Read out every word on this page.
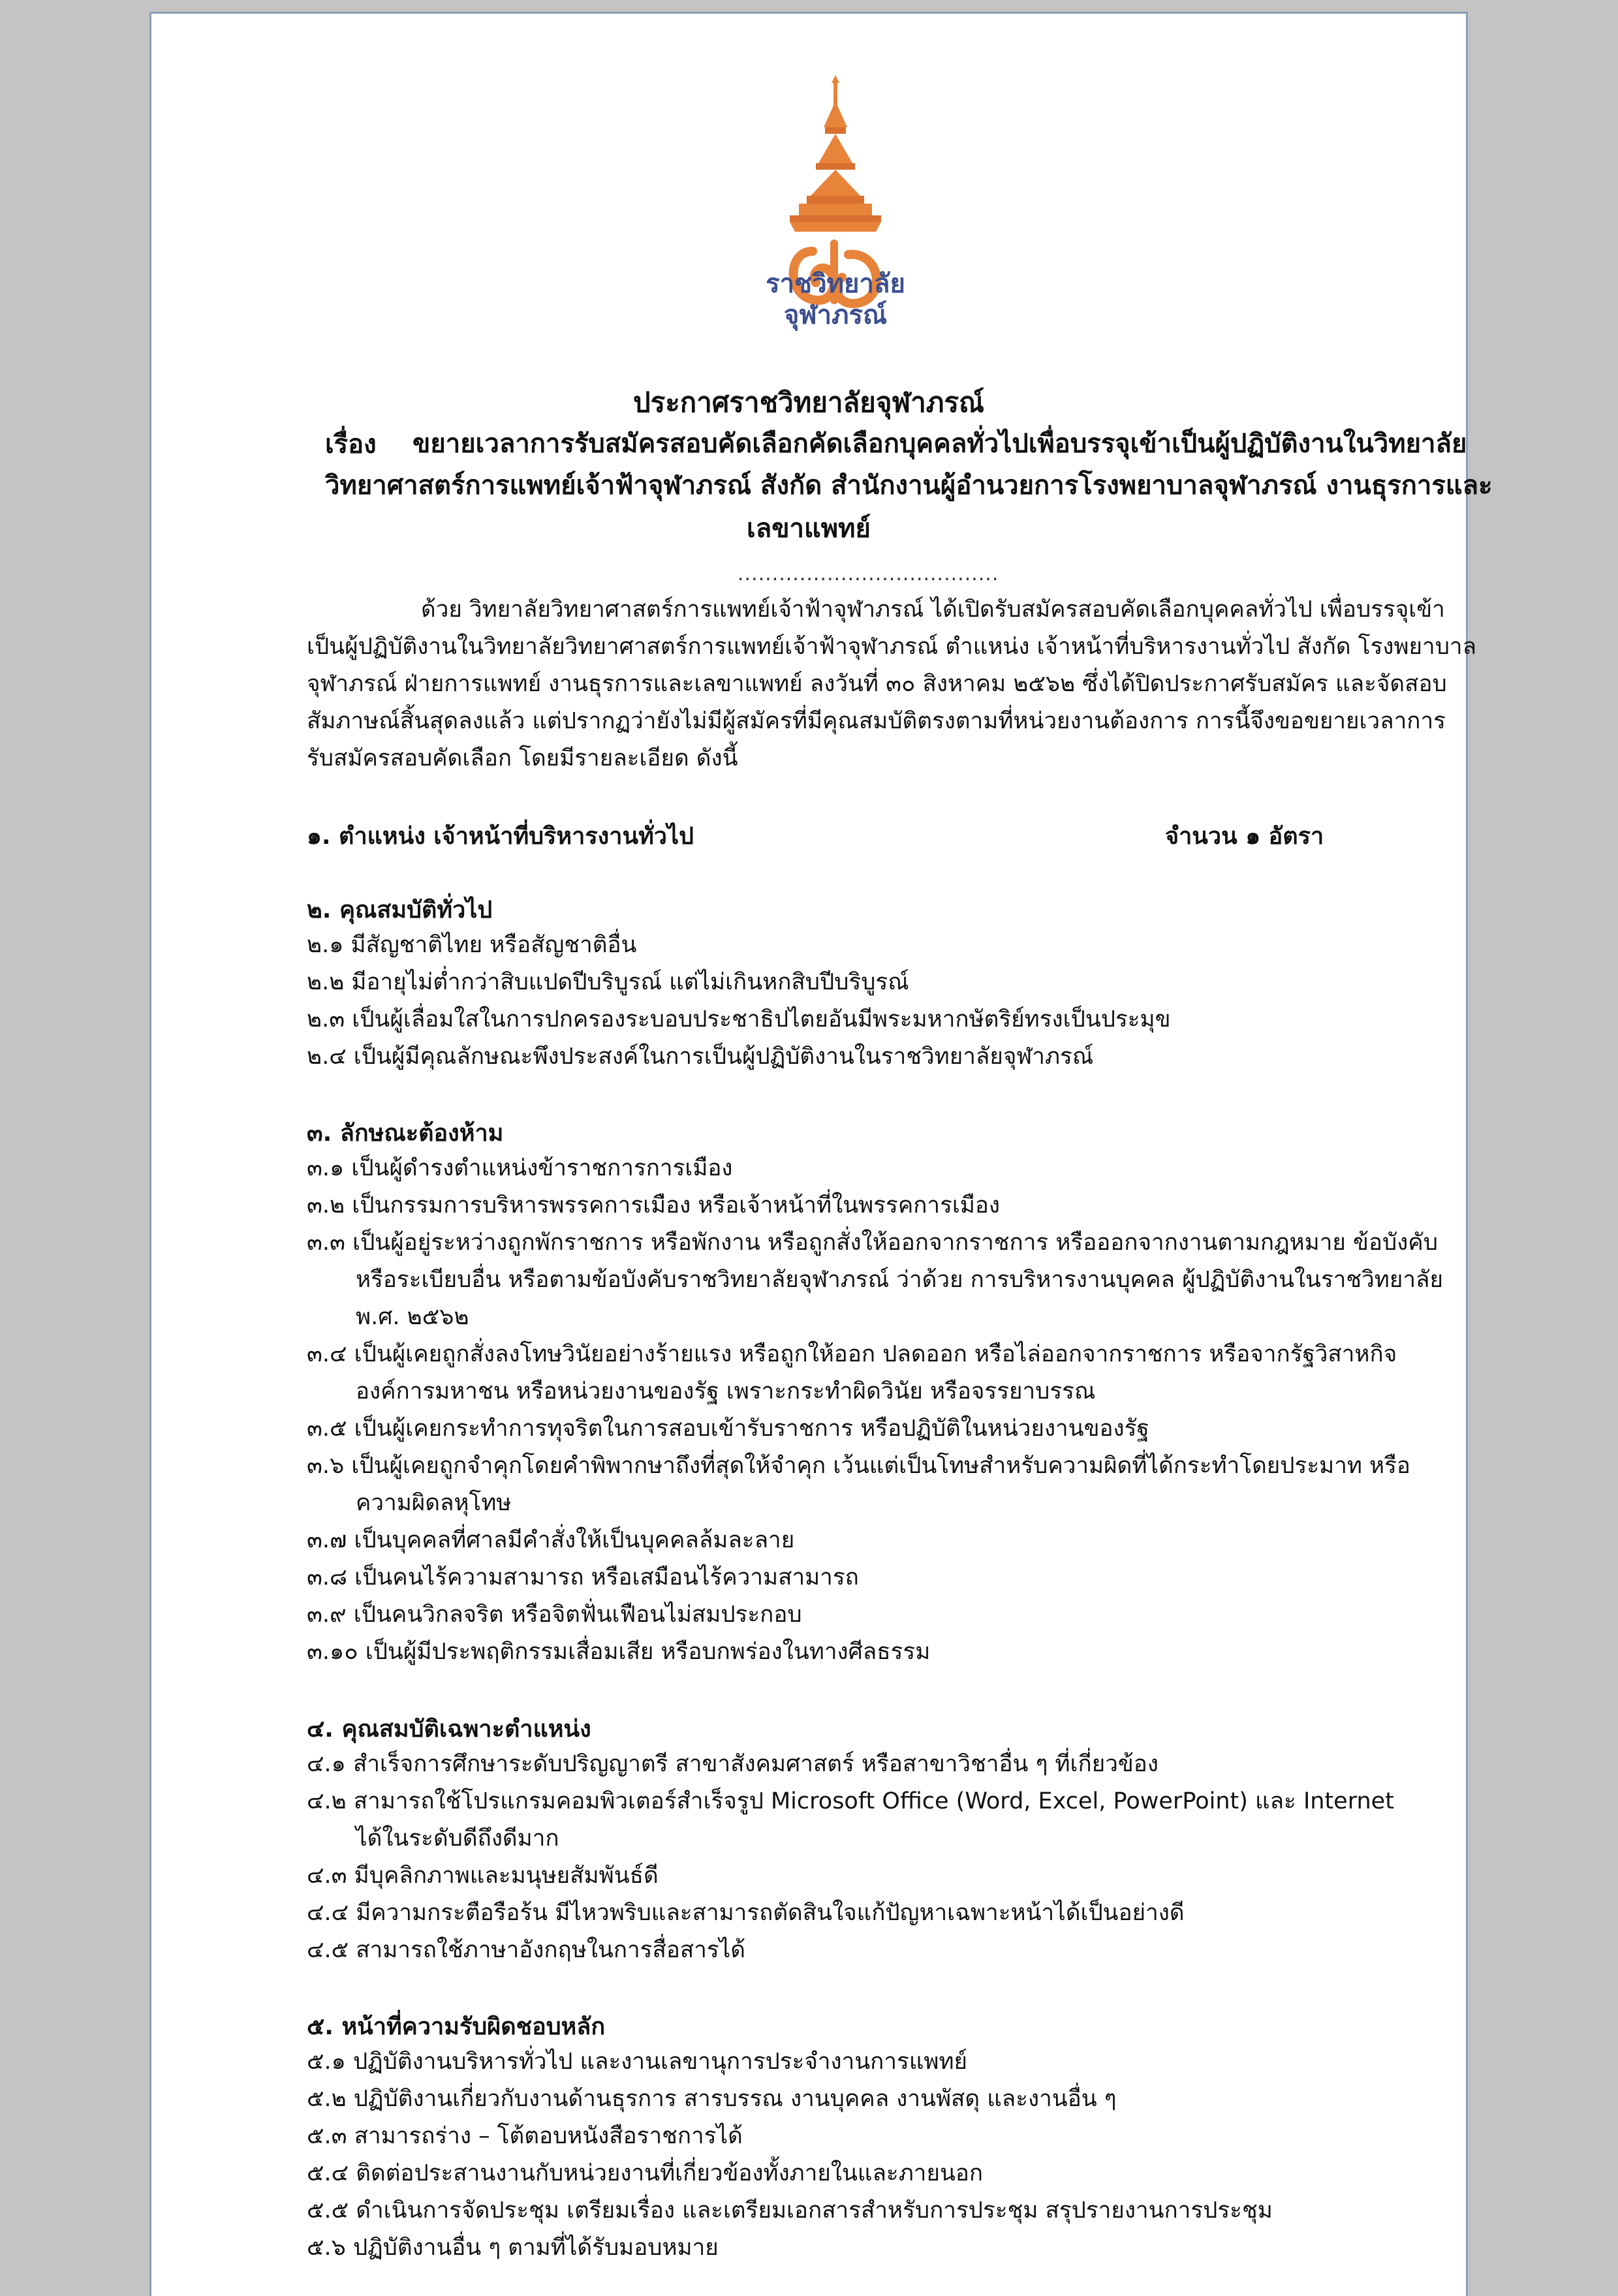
ราชวิทยาลัย
จุฬาภรณ์
ประกาศราชวิทยาลัยจุฬาภรณ์
เรื่อง ขยายเวลาการรับสมัครสอบคัดเลือกคัดเลือกบุคคลทั่วไปเพื่อบรรจุเข้าเป็นผู้ปฏิบัติงานในวิทยาลัย
วิทยาศาสตร์การแพทย์เจ้าฟ้าจุฬาภรณ์ สังกัด สำนักงานผู้อำนวยการโรงพยาบาลจุฬาภรณ์ งานธุรการและ
เลขาแพทย์
......................................
ด้วย วิทยาลัยวิทยาศาสตร์การแพทย์เจ้าฟ้าจุฬาภรณ์ ได้เปิดรับสมัครสอบคัดเลือกบุคคลทั่วไป เพื่อบรรจุเข้า
เป็นผู้ปฏิบัติงานในวิทยาลัยวิทยาศาสตร์การแพทย์เจ้าฟ้าจุฬาภรณ์ ตำแหน่ง เจ้าหน้าที่บริหารงานทั่วไป สังกัด โรงพยาบาล
จุฬาภรณ์ ฝ่ายการแพทย์ งานธุรการและเลขาแพทย์ ลงวันที่ ๓๐ สิงหาคม ๒๕๖๒ ซึ่งได้ปิดประกาศรับสมัคร และจัดสอบ
สัมภาษณ์สิ้นสุดลงแล้ว แต่ปรากฏว่ายังไม่มีผู้สมัครที่มีคุณสมบัติตรงตามที่หน่วยงานต้องการ การนี้จึงขอขยายเวลาการ
รับสมัครสอบคัดเลือก โดยมีรายละเอียด ดังนี้
๑. ตำแหน่ง เจ้าหน้าที่บริหารงานทั่วไป	จำนวน ๑ อัตรา
๒. คุณสมบัติทั่วไป
๒.๑ มีสัญชาติไทย หรือสัญชาติอื่น
๒.๒ มีอายุไม่ต่ำกว่าสิบแปดปีบริบูรณ์ แต่ไม่เกินหกสิบปีบริบูรณ์
๒.๓ เป็นผู้เลื่อมใสในการปกครองระบอบประชาธิปไตยอันมีพระมหากษัตริย์ทรงเป็นประมุข
๒.๔ เป็นผู้มีคุณลักษณะพึงประสงค์ในการเป็นผู้ปฏิบัติงานในราชวิทยาลัยจุฬาภรณ์
๓. ลักษณะต้องห้าม
๓.๑ เป็นผู้ดำรงตำแหน่งข้าราชการการเมือง
๓.๒ เป็นกรรมการบริหารพรรคการเมือง หรือเจ้าหน้าที่ในพรรคการเมือง
๓.๓ เป็นผู้อยู่ระหว่างถูกพักราชการ หรือพักงาน หรือถูกสั่งให้ออกจากราชการ หรือออกจากงานตามกฎหมาย ข้อบังคับ
หรือระเบียบอื่น หรือตามข้อบังคับราชวิทยาลัยจุฬาภรณ์ ว่าด้วย การบริหารงานบุคคล ผู้ปฏิบัติงานในราชวิทยาลัย
พ.ศ. ๒๕๖๒
๓.๔ เป็นผู้เคยถูกสั่งลงโทษวินัยอย่างร้ายแรง หรือถูกให้ออก ปลดออก หรือไล่ออกจากราชการ หรือจากรัฐวิสาหกิจ
องค์การมหาชน หรือหน่วยงานของรัฐ เพราะกระทำผิดวินัย หรือจรรยาบรรณ
๓.๕ เป็นผู้เคยกระทำการทุจริตในการสอบเข้ารับราชการ หรือปฏิบัติในหน่วยงานของรัฐ
๓.๖ เป็นผู้เคยถูกจำคุกโดยคำพิพากษาถึงที่สุดให้จำคุก เว้นแต่เป็นโทษสำหรับความผิดที่ได้กระทำโดยประมาท หรือ
ความผิดลหุโทษ
๓.๗ เป็นบุคคลที่ศาลมีคำสั่งให้เป็นบุคคลล้มละลาย
๓.๘ เป็นคนไร้ความสามารถ หรือเสมือนไร้ความสามารถ
๓.๙ เป็นคนวิกลจริต หรือจิตฟั่นเฟือนไม่สมประกอบ
๓.๑๐ เป็นผู้มีประพฤติกรรมเสื่อมเสีย หรือบกพร่องในทางศีลธรรม
๔. คุณสมบัติเฉพาะตำแหน่ง
๔.๑ สำเร็จการศึกษาระดับปริญญาตรี สาขาสังคมศาสตร์ หรือสาขาวิชาอื่น ๆ ที่เกี่ยวข้อง
๔.๒ สามารถใช้โปรแกรมคอมพิวเตอร์สำเร็จรูป Microsoft Office (Word, Excel, PowerPoint) และ Internet
ได้ในระดับดีถึงดีมาก
๔.๓ มีบุคลิกภาพและมนุษยสัมพันธ์ดี
๔.๔ มีความกระตือรือร้น มีไหวพริบและสามารถตัดสินใจแก้ปัญหาเฉพาะหน้าได้เป็นอย่างดี
๔.๕ สามารถใช้ภาษาอังกฤษในการสื่อสารได้
๕. หน้าที่ความรับผิดชอบหลัก
๕.๑ ปฏิบัติงานบริหารทั่วไป และงานเลขานุการประจำงานการแพทย์
๕.๒ ปฏิบัติงานเกี่ยวกับงานด้านธุรการ สารบรรณ งานบุคคล งานพัสดุ และงานอื่น ๆ
๕.๓ สามารถร่าง – โต้ตอบหนังสือราชการได้
๕.๔ ติดต่อประสานงานกับหน่วยงานที่เกี่ยวข้องทั้งภายในและภายนอก
๕.๕ ดำเนินการจัดประชุม เตรียมเรื่อง และเตรียมเอกสารสำหรับการประชุม สรุปรายงานการประชุม
๕.๖ ปฏิบัติงานอื่น ๆ ตามที่ได้รับมอบหมาย
